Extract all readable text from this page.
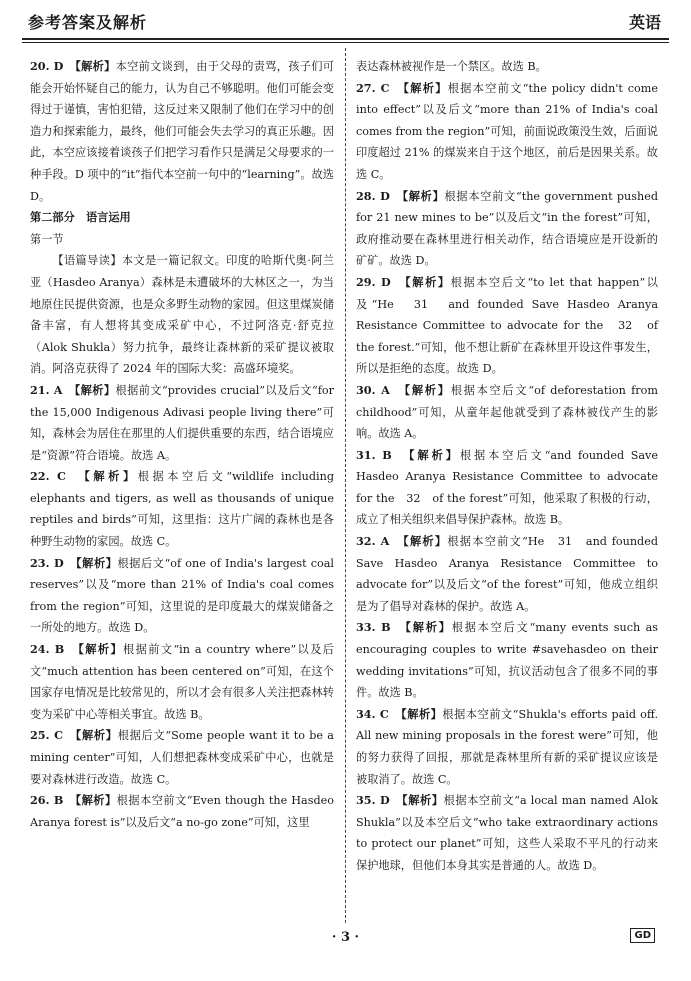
参考答案及解析	英语

20. D　 【解析】本空前文谈到，由于父母的责骂，孩子们可能会开始怀疑自己的能力，认为自己不够聪明。他们可能会变得过于谨慎，害怕犯错，这反过来又限制了他们在学习中的创造力和探索能力，最终，他们可能会失去学习的真正乐趣。因此，本空应该接着谈孩子们把学习看作只是满足父母要求的一种手段。D 项中的“it”指代本空前一句中的“learning”。故选 D。

第二部分　语言运用

第一节

【语篇导读】本文是一篇记叙文。印度的哈斯代奥·阿兰亚（Hasdeo Aranya）森林是未遭破坏的大林区之一，为当地原住民提供资源，也是众多野生动物的家园。但这里煤炭储备丰富，有人想将其变成采矿中心，不过阿洛克·舒克拉（Alok Shukla）努力抗争，最终让森林新的采矿提议被取消。阿洛克获得了 2024 年的国际大奖：高盛环境奖。

21. A　 【解析】根据前文“provides crucial”以及后文“for the 15,000 Indigenous Adivasi people living there”可知，森林会为居住在那里的人们提供重要的东西，结合语境应是“资源”符合语境。故选 A。

22. C　 【解析】根据本空后文“wildlife including elephants and tigers, as well as thousands of unique reptiles and birds”可知，这里指：这片广阔的森林也是各种野生动物的家园。故选 C。

23. D　 【解析】根据后文“of one of India's largest coal reserves”以及“more than 21% of India's coal comes from the region”可知，这里说的是印度最大的煤炭储备之一所处的地方。故选 D。

24. B　 【解析】根据前文“in a country where”以及后文“much attention has been centered on”可知，在这个国家存电情况是比较常见的，所以才会有很多人关注把森林转变为采矿中心等相关事宜。故选 B。

25. C　 【解析】根据后文“Some people want it to be a mining center”可知，人们想把森林变成采矿中心，也就是要对森林进行改造。故选 C。

26. B　 【解析】根据本空前文“Even though the Hasdeo Aranya forest is”以及后文“a no-go zone”可知，这里

表达森林被视作是一个禁区。故选 B。

27. C　 【解析】根据本空前文“the policy didn't come into effect”以及后文“more than 21% of India's coal comes from the region”可知，前面说政策没生效，后面说印度超过 21% 的煤炭来自于这个地区，前后是因果关系。故选 C。

28. D　 【解析】根据本空前文“the government pushed for 21 new mines to be”以及后文“in the forest”可知，政府推动要在森林里进行相关动作，结合语境应是开设新的矿矿。故选 D。

29. D　 【解析】根据本空后文“to let that happen”以及“He　31　and founded Save Hasdeo Aranya Resistance Committee to advocate for the　32　of the forest.”可知，他不想让新矿在森林里开设这件事发生，所以是拒绝的态度。故选 D。

30. A　 【解析】根据本空后文“of deforestation from childhood”可知，从童年起他就受到了森林被伐产生的影响。故选 A。

31. B　 【解析】根据本空后文“and founded Save Hasdeo Aranya Resistance Committee to advocate for the　32　of the forest”可知，他采取了积极的行动，成立了相关组织来倡导保护森林。故选 B。

32. A　 【解析】根据本空前文“He　31　and founded Save Hasdeo Aranya Resistance Committee to advocate for”以及后文“of the forest”可知，他成立组织是为了倡导对森林的保护。故选 A。

33. B　 【解析】根据本空后文“many events such as encouraging couples to write #savehasdeo on their wedding invitations”可知，抗议活动包含了很多不同的事件。故选 B。

34. C　 【解析】根据本空前文“Shukla's efforts paid off. All new mining proposals in the forest were”可知，他的努力获得了回报，那就是森林里所有新的采矿提议应该是被取消了。故选 C。

35. D　 【解析】根据本空前文“a local man named Alok Shukla”以及本空后文“who take extraordinary actions to protect our planet”可知，这些人采取不平凡的行动来保护地球，但他们本身其实是普通的人。故选 D。

· 3 ·	GD
